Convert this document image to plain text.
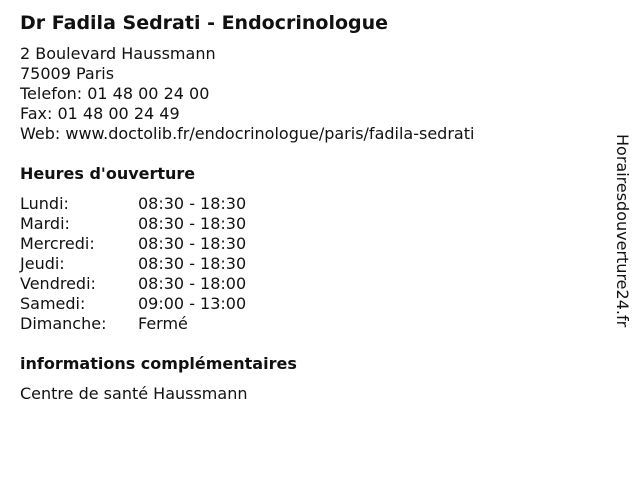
Dr Fadila Sedrati - Endocrinologue
2 Boulevard Haussmann
75009 Paris
Telefon: 01 48 00 24 00
Fax: 01 48 00 24 49
Web: www.doctolib.fr/endocrinologue/paris/fadila-sedrati
Heures d'ouverture
Lundi:	08:30 - 18:30
Mardi:	08:30 - 18:30
Mercredi:	08:30 - 18:30
Jeudi:	08:30 - 18:30
Vendredi:	08:30 - 18:00
Samedi:	09:00 - 13:00
Dimanche:	Fermé
informations complémentaires
Centre de santé Haussmann
Horairesdouverture24.fr
